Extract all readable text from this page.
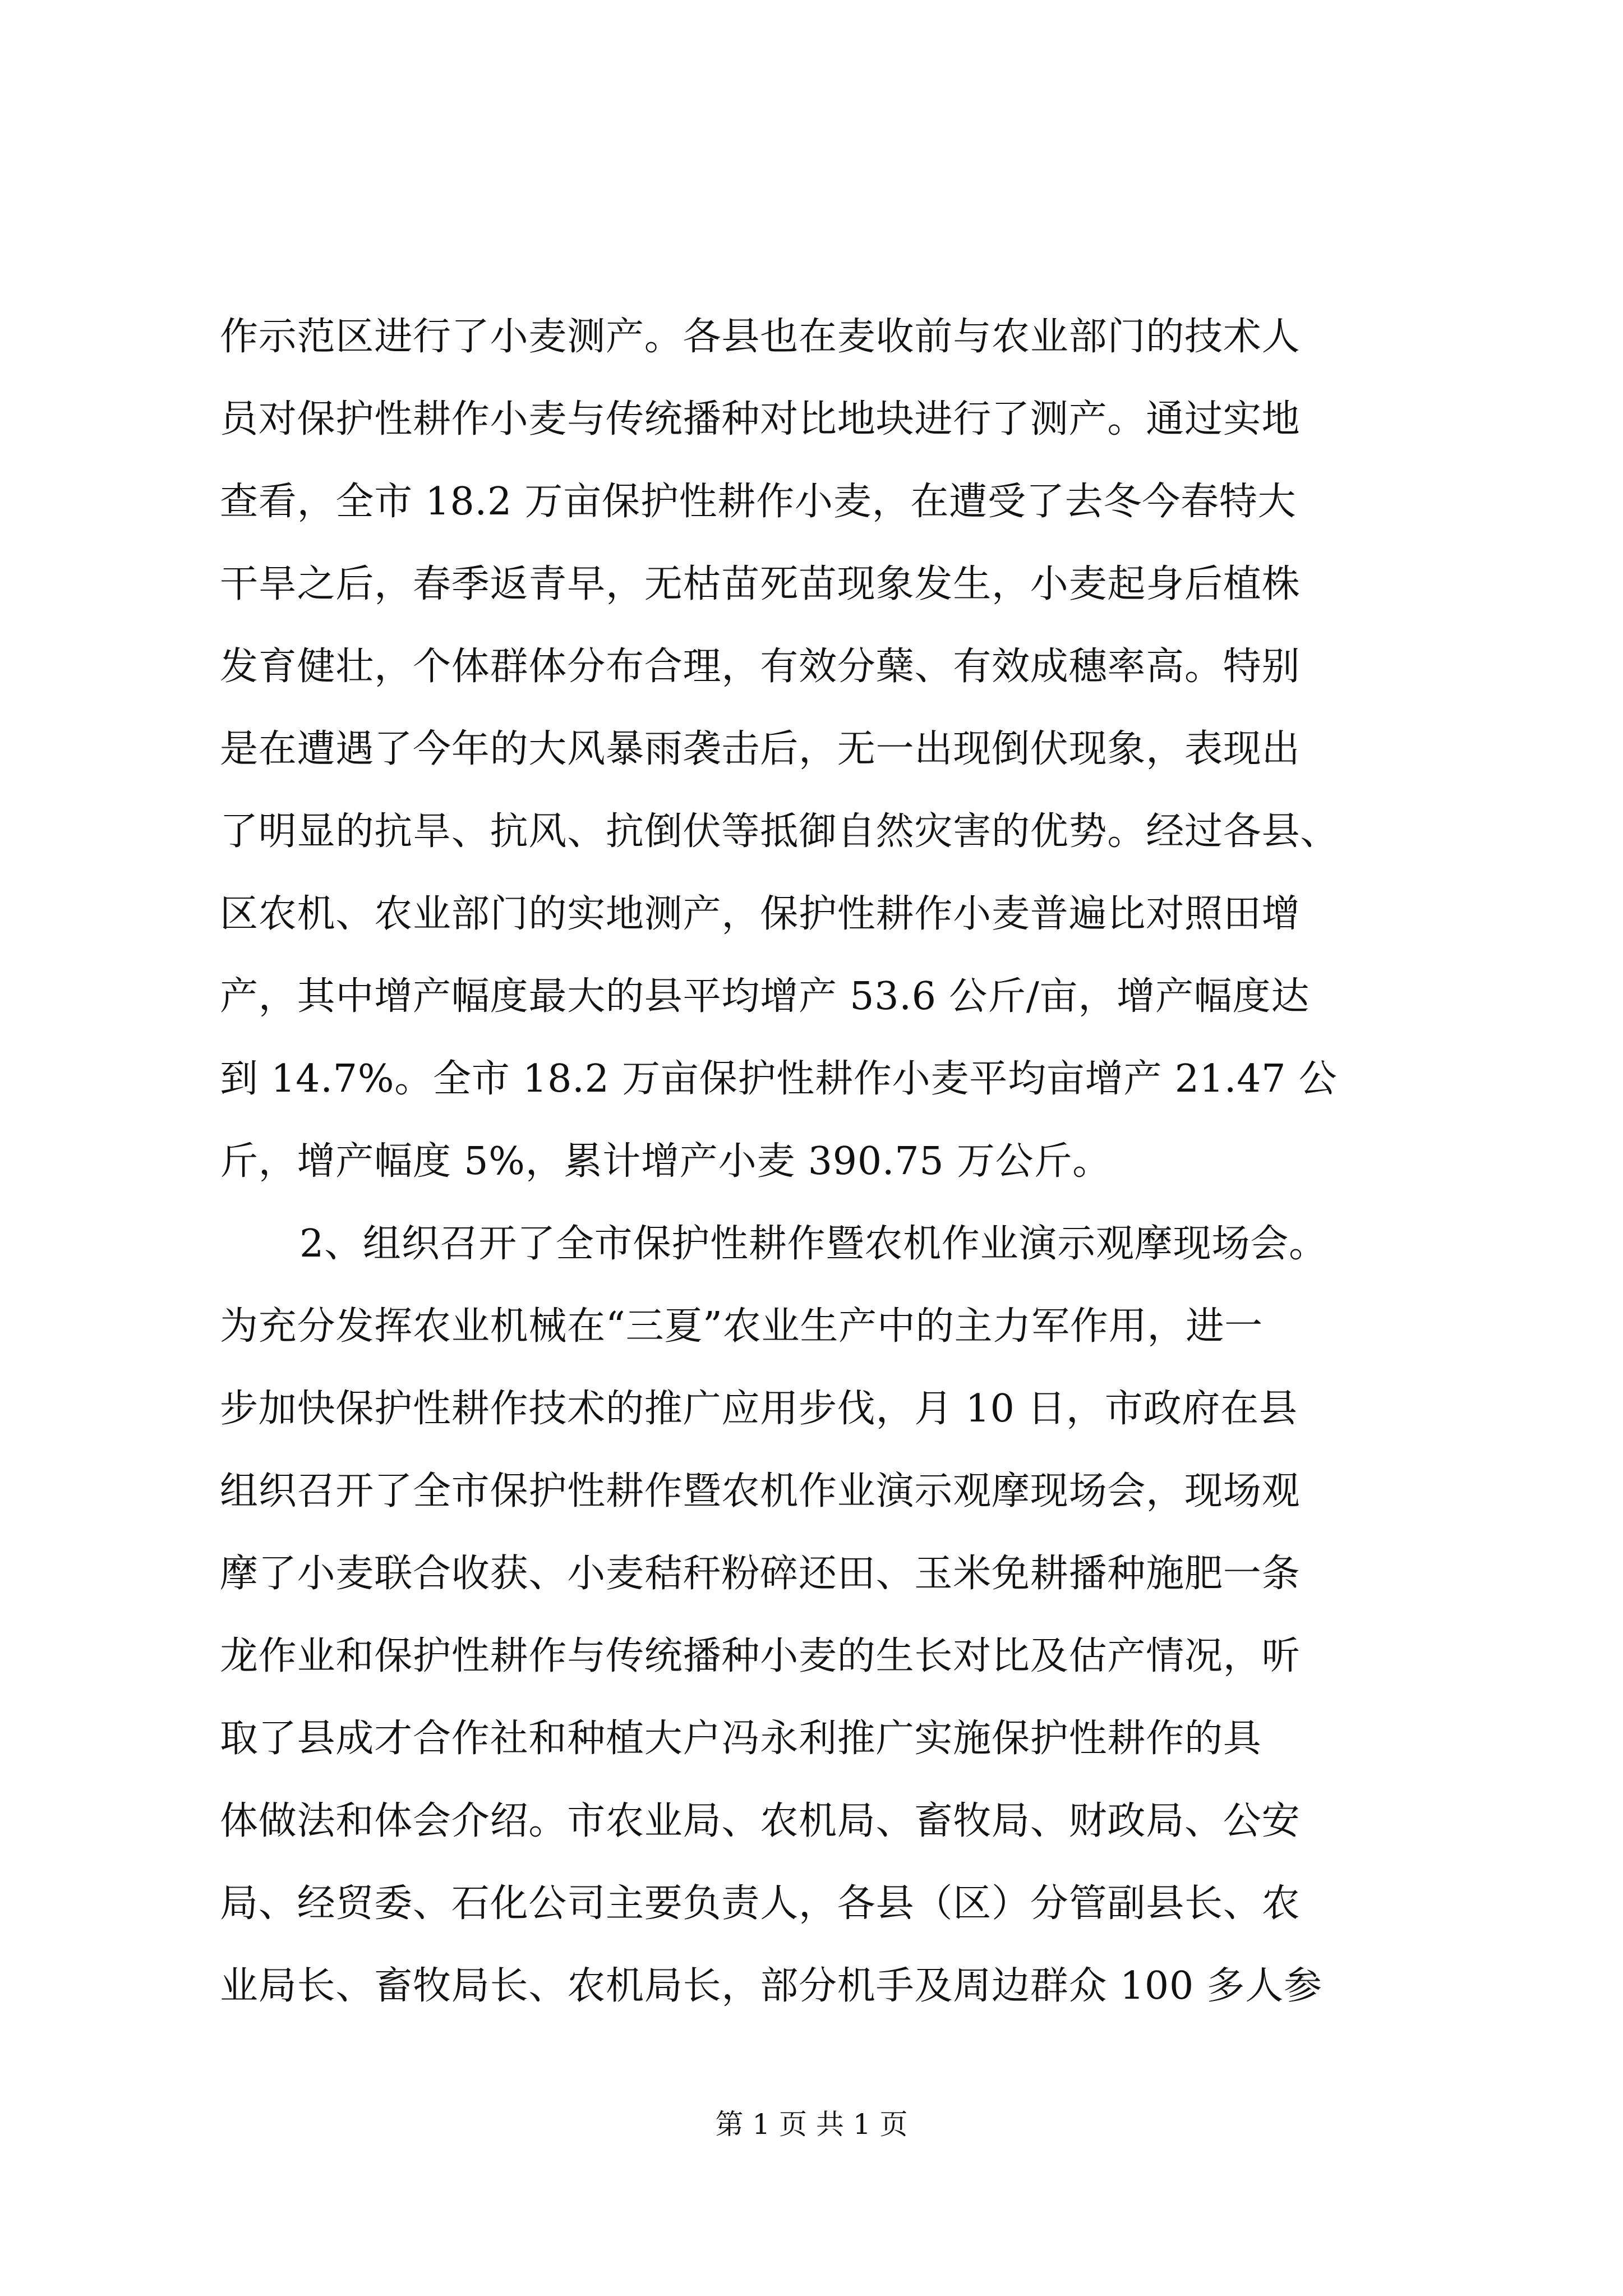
作示范区进行了小麦测产。各县也在麦收前与农业部门的技术人
员对保护性耕作小麦与传统播种对比地块进行了测产。通过实地
查看，全市 18.2 万亩保护性耕作小麦，在遭受了去冬今春特大
干旱之后，春季返青早，无枯苗死苗现象发生，小麦起身后植株
发育健壮，个体群体分布合理，有效分蘖、有效成穗率高。特别
是在遭遇了今年的大风暴雨袭击后，无一出现倒伏现象，表现出
了明显的抗旱、抗风、抗倒伏等抵御自然灾害的优势。经过各县、
区农机、农业部门的实地测产，保护性耕作小麦普遍比对照田增
产，其中增产幅度最大的县平均增产 53.6 公斤/亩，增产幅度达
到 14.7%。全市 18.2 万亩保护性耕作小麦平均亩增产 21.47 公
斤，增产幅度 5%，累计增产小麦 390.75 万公斤。
2、组织召开了全市保护性耕作暨农机作业演示观摩现场会。
为充分发挥农业机械在“三夏”农业生产中的主力军作用，进一
步加快保护性耕作技术的推广应用步伐，月 10 日，市政府在县
组织召开了全市保护性耕作暨农机作业演示观摩现场会，现场观
摩了小麦联合收获、小麦秸秆粉碎还田、玉米免耕播种施肥一条
龙作业和保护性耕作与传统播种小麦的生长对比及估产情况，听
取了县成才合作社和种植大户冯永利推广实施保护性耕作的具
体做法和体会介绍。市农业局、农机局、畜牧局、财政局、公安
局、经贸委、石化公司主要负责人，各县（区）分管副县长、农
业局长、畜牧局长、农机局长，部分机手及周边群众 100 多人参
第 1 页 共 1 页
